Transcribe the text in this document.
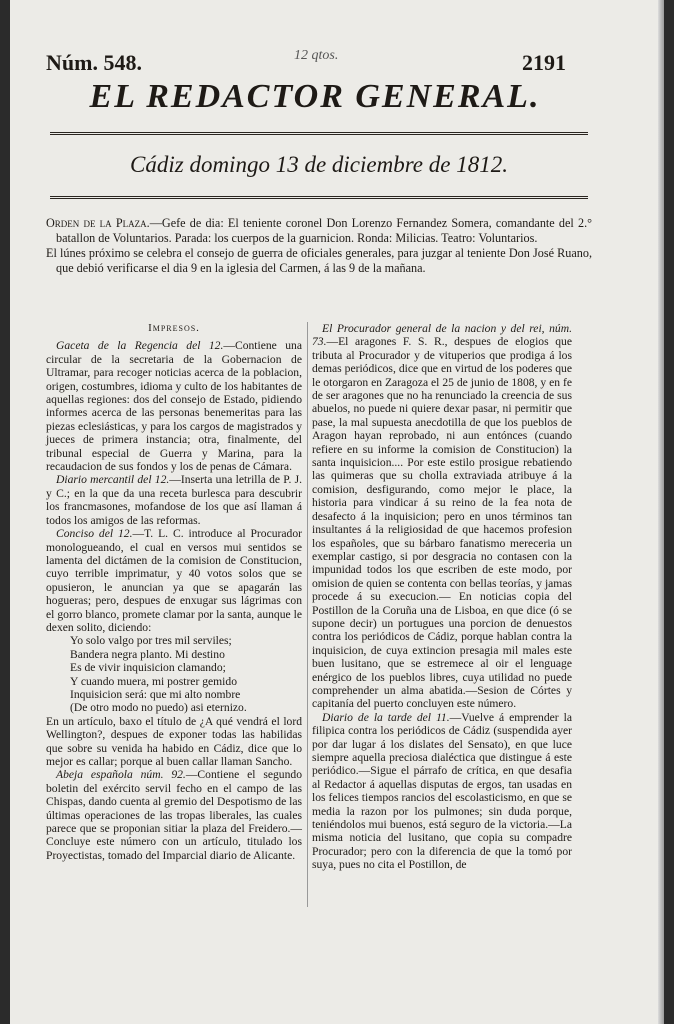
Núm. 548.	12 qtos.	2191
EL REDACTOR GENERAL.
Cádiz domingo 13 de diciembre de 1812.

Orden de la Plaza.—Gefe de dia: El teniente coronel Don Lorenzo Fernandez Somera, comandante del 2.° batallon de Voluntarios. Parada: los cuerpos de la guarnicion. Ronda: Milicias. Teatro: Voluntarios.

El lúnes próximo se celebra el consejo de guerra de oficiales generales, para juzgar al teniente Don José Ruano, que debió verificarse el dia 9 en la iglesia del Carmen, á las 9 de la mañana.

Impresos.

Gaceta de la Regencia del 12.—Contiene una circular de la secretaria de la Gobernacion de Ultramar, para recoger noticias acerca de la poblacion, origen, costumbres, idioma y culto de los habitantes de aquellas regiones: dos del consejo de Estado, pidiendo informes acerca de las personas benemeritas para las piezas eclesiásticas, y para los cargos de magistrados y jueces de primera instancia; otra, finalmente, del tribunal especial de Guerra y Marina, para la recaudacion de sus fondos y los de penas de Cámara.

Diario mercantil del 12.—Inserta una letrilla de P. J. y C.; en la que da una receta burlesca para descubrir los francmasones, mofandose de los que así llaman á todos los amigos de las reformas.

Conciso del 12.—T. L. C. introduce al Procurador monologueando, el cual en versos mui sentidos se lamenta del dictámen de la comision de Constitucion, cuyo terrible imprimatur, y 40 votos solos que se opusieron, le anuncian ya que se apagarán las hogueras; pero, despues de enxugar sus lágrimas con el gorro blanco, promete clamar por la santa, aunque le dexen solito, diciendo:

Yo solo valgo por tres mil serviles;

Bandera negra planto. Mi destino

Es de vivir inquisicion clamando;

Y cuando muera, mi postrer gemido

Inquisicion será: que mi alto nombre

(De otro modo no puedo) asi eternizo.

En un artículo, baxo el título de ¿A qué vendrá el lord Wellington?, despues de exponer todas las habilidas que sobre su venida ha habido en Cádiz, dice que lo mejor es callar; porque al buen callar llaman Sancho.

Abeja española núm. 92.—Contiene el segundo boletin del exército servil fecho en el campo de las Chispas, dando cuenta al gremio del Despotismo de las últimas operaciones de las tropas liberales, las cuales parece que se proponian sitiar la plaza del Freidero.—Concluye este número con un artículo, titulado los Proyectistas, tomado del Imparcial diario de Alicante.

El Procurador general de la nacion y del rei, núm. 73.—El aragones F. S. R., despues de elogios que tributa al Procurador y de vituperios que prodiga á los demas periódicos, dice que en virtud de los poderes que le otorgaron en Zaragoza el 25 de junio de 1808, y en fe de ser aragones que no ha renunciado la creencia de sus abuelos, no puede ni quiere dexar pasar, ni permitir que pase, la mal supuesta anecdotilla de que los pueblos de Aragon hayan reprobado, ni aun entónces (cuando refiere en su informe la comision de Constitucion) la santa inquisicion.... Por este estilo prosigue rebatiendo las quimeras que su cholla extraviada atribuye á la comision, desfigurando, como mejor le place, la historia para vindicar á su reino de la fea nota de desafecto á la inquisicion; pero en unos términos tan insultantes á la religiosidad de que hacemos profesion los españoles, que su bárbaro fanatismo mereceria un exemplar castigo, si por desgracia no contasen con la impunidad todos los que escriben de este modo, por omision de quien se contenta con bellas teorías, y jamas procede á su execucion.— En noticias copia del Postillon de la Coruña una de Lisboa, en que dice (ó se supone decir) un portugues una porcion de denuestos contra los periódicos de Cádiz, porque hablan contra la inquisicion, de cuya extincion presagia mil males este buen lusitano, que se estremece al oir el lenguage enérgico de los pueblos libres, cuya utilidad no puede comprehender un alma abatida.—Sesion de Córtes y capitanía del puerto concluyen este número.

Diario de la tarde del 11.—Vuelve á emprender la filipica contra los periódicos de Cádiz (suspendida ayer por dar lugar á los dislates del Sensato), en que luce siempre aquella preciosa dialéctica que distingue á este periódico.—Sigue el párrafo de crítica, en que desafia al Redactor á aquellas disputas de ergos, tan usadas en los felices tiempos rancios del escolasticismo, en que se media la razon por los pulmones; sin duda porque, teniéndolos mui buenos, está seguro de la victoria.—La misma noticia del lusitano, que copia su compadre Procurador; pero con la diferencia de que la tomó por suya, pues no cita el Postillon, de
